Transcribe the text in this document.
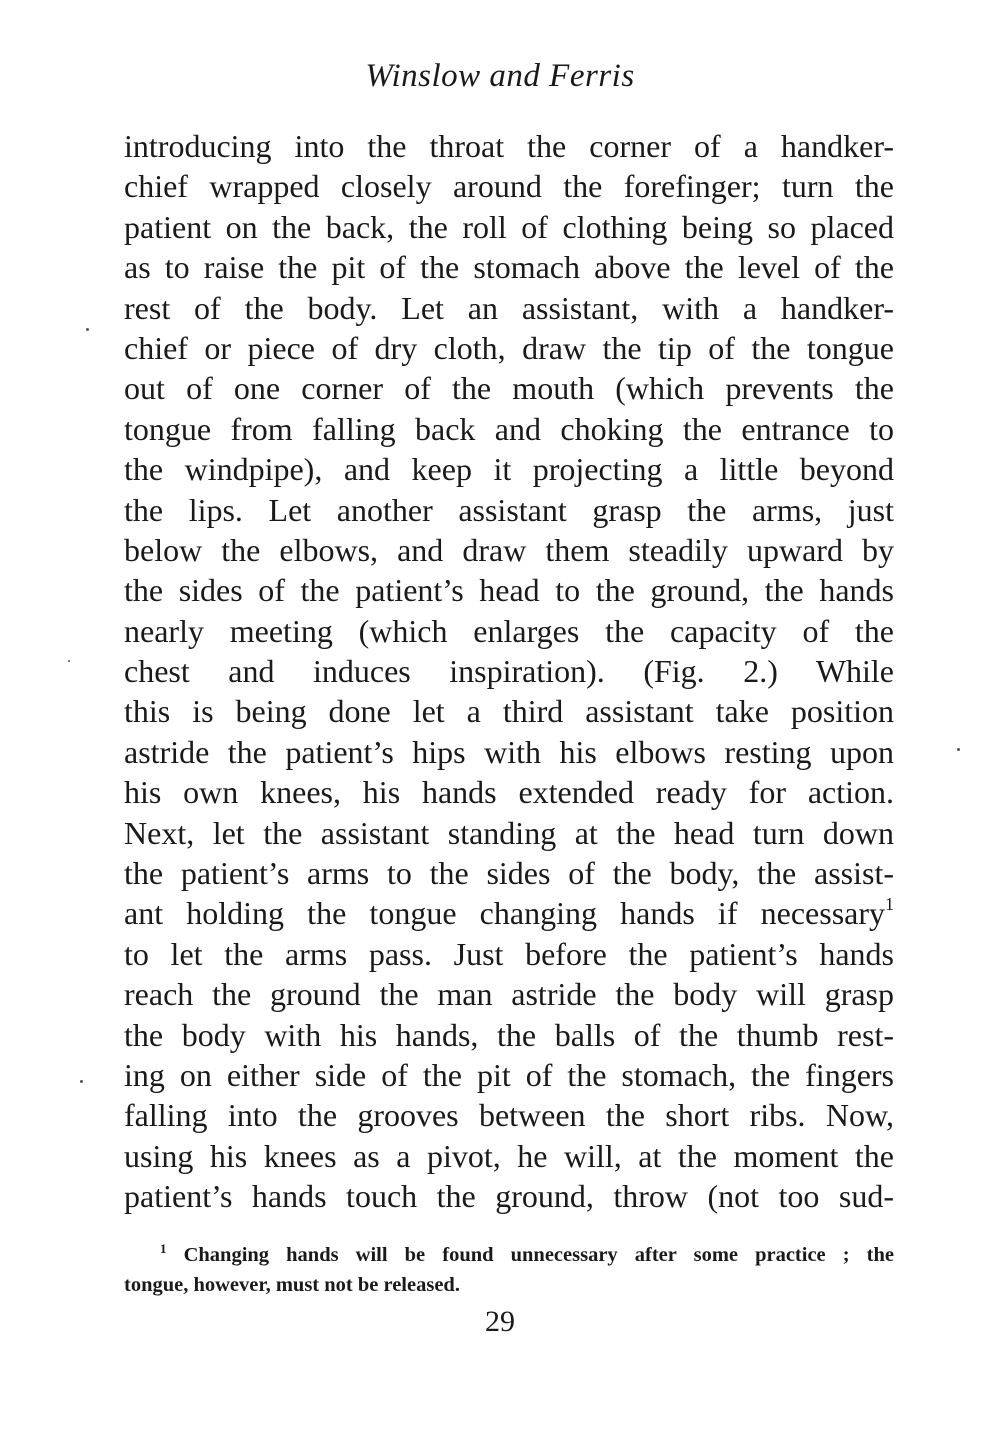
Winslow and Ferris
introducing into the throat the corner of a handker-
chief wrapped closely around the forefinger; turn the
patient on the back, the roll of clothing being so placed
as to raise the pit of the stomach above the level of the
rest of the body. Let an assistant, with a handker-
chief or piece of dry cloth, draw the tip of the tongue
out of one corner of the mouth (which prevents the
tongue from falling back and choking the entrance to
the windpipe), and keep it projecting a little beyond
the lips. Let another assistant grasp the arms, just
below the elbows, and draw them steadily upward by
the sides of the patient’s head to the ground, the hands
nearly meeting (which enlarges the capacity of the
chest and induces inspiration). (Fig. 2.) While
this is being done let a third assistant take position
astride the patient’s hips with his elbows resting upon
his own knees, his hands extended ready for action.
Next, let the assistant standing at the head turn down
the patient’s arms to the sides of the body, the assist-
ant holding the tongue changing hands if necessary$^1$
to let the arms pass. Just before the patient’s hands
reach the ground the man astride the body will grasp
the body with his hands, the balls of the thumb rest-
ing on either side of the pit of the stomach, the fingers
falling into the grooves between the short ribs. Now,
using his knees as a pivot, he will, at the moment the
patient’s hands touch the ground, throw (not too sud-
$^1$ Changing hands will be found unnecessary after some practice ; the
tongue, however, must not be released.
29
